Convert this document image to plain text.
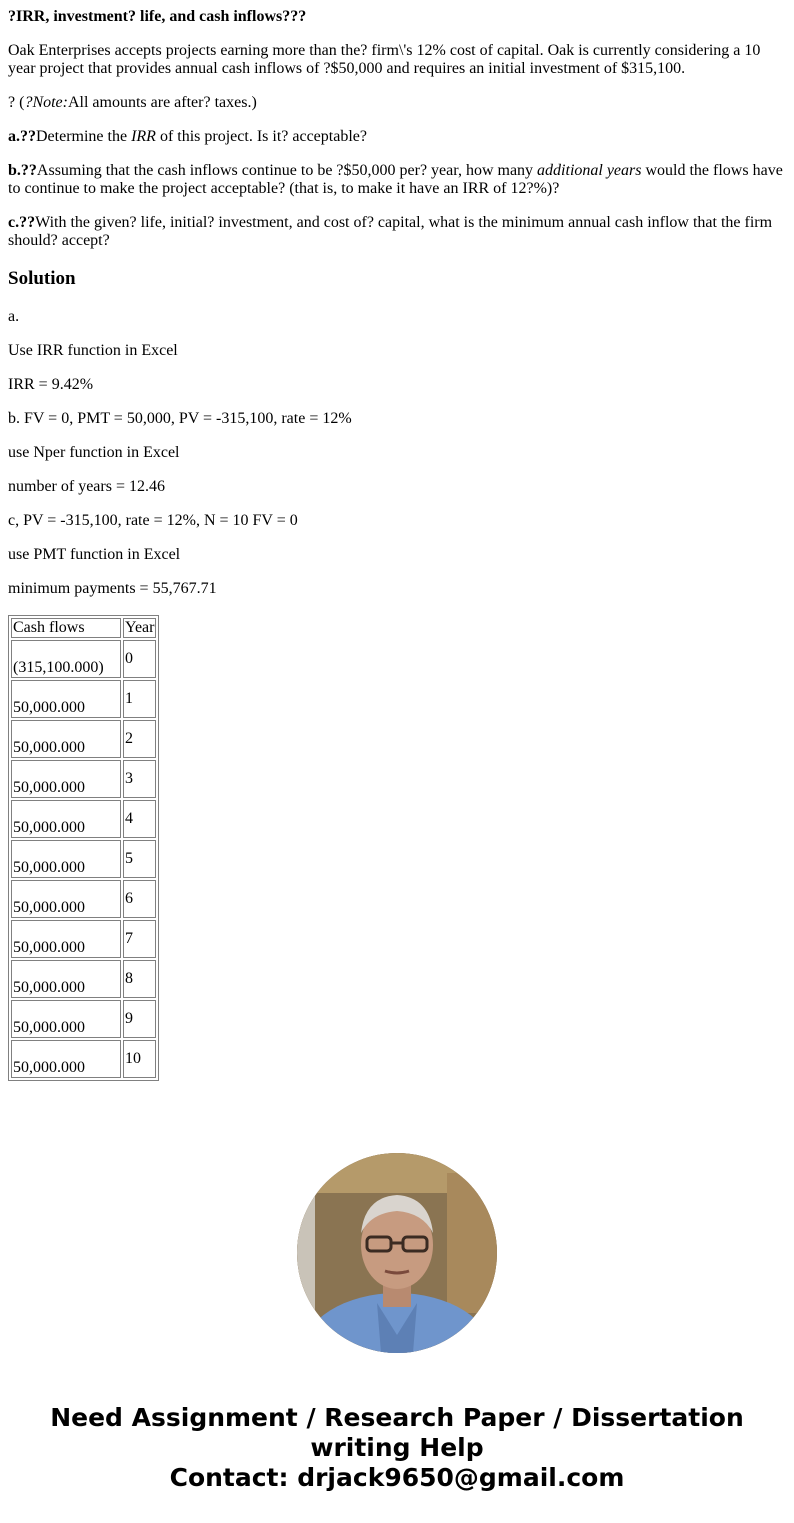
?IRR, investment? life, and cash inflows???

Oak Enterprises accepts projects earning more than the? firm\'s 12% cost of capital. Oak is currently considering a 10 year project that provides annual cash inflows of ?$50,000 and requires an initial investment of $315,100.

? (?Note:All amounts are after? taxes.)

a.??Determine the IRR of this project. Is it? acceptable?

b.??Assuming that the cash inflows continue to be ?$50,000 per? year, how many additional years would the flows have to continue to make the project acceptable? (that is, to make it have an IRR of 12?%)?

c.??With the given? life, initial? investment, and cost of? capital, what is the minimum annual cash inflow that the firm should? accept?

Solution

a.

Use IRR function in Excel

IRR = 9.42%

b. FV = 0, PMT = 50,000, PV = -315,100, rate = 12%

use Nper function in Excel

number of years = 12.46

c, PV = -315,100, rate = 12%, N = 10 FV = 0

use PMT function in Excel

minimum payments = 55,767.71

Cash flows	Year
(315,100.000)	0
50,000.000	1
50,000.000	2
50,000.000	3
50,000.000	4
50,000.000	5
50,000.000	6
50,000.000	7
50,000.000	8
50,000.000	9
50,000.000	10
Need Assignment / Research Paper / Dissertation
writing Help
Contact: drjack9650@gmail.com
